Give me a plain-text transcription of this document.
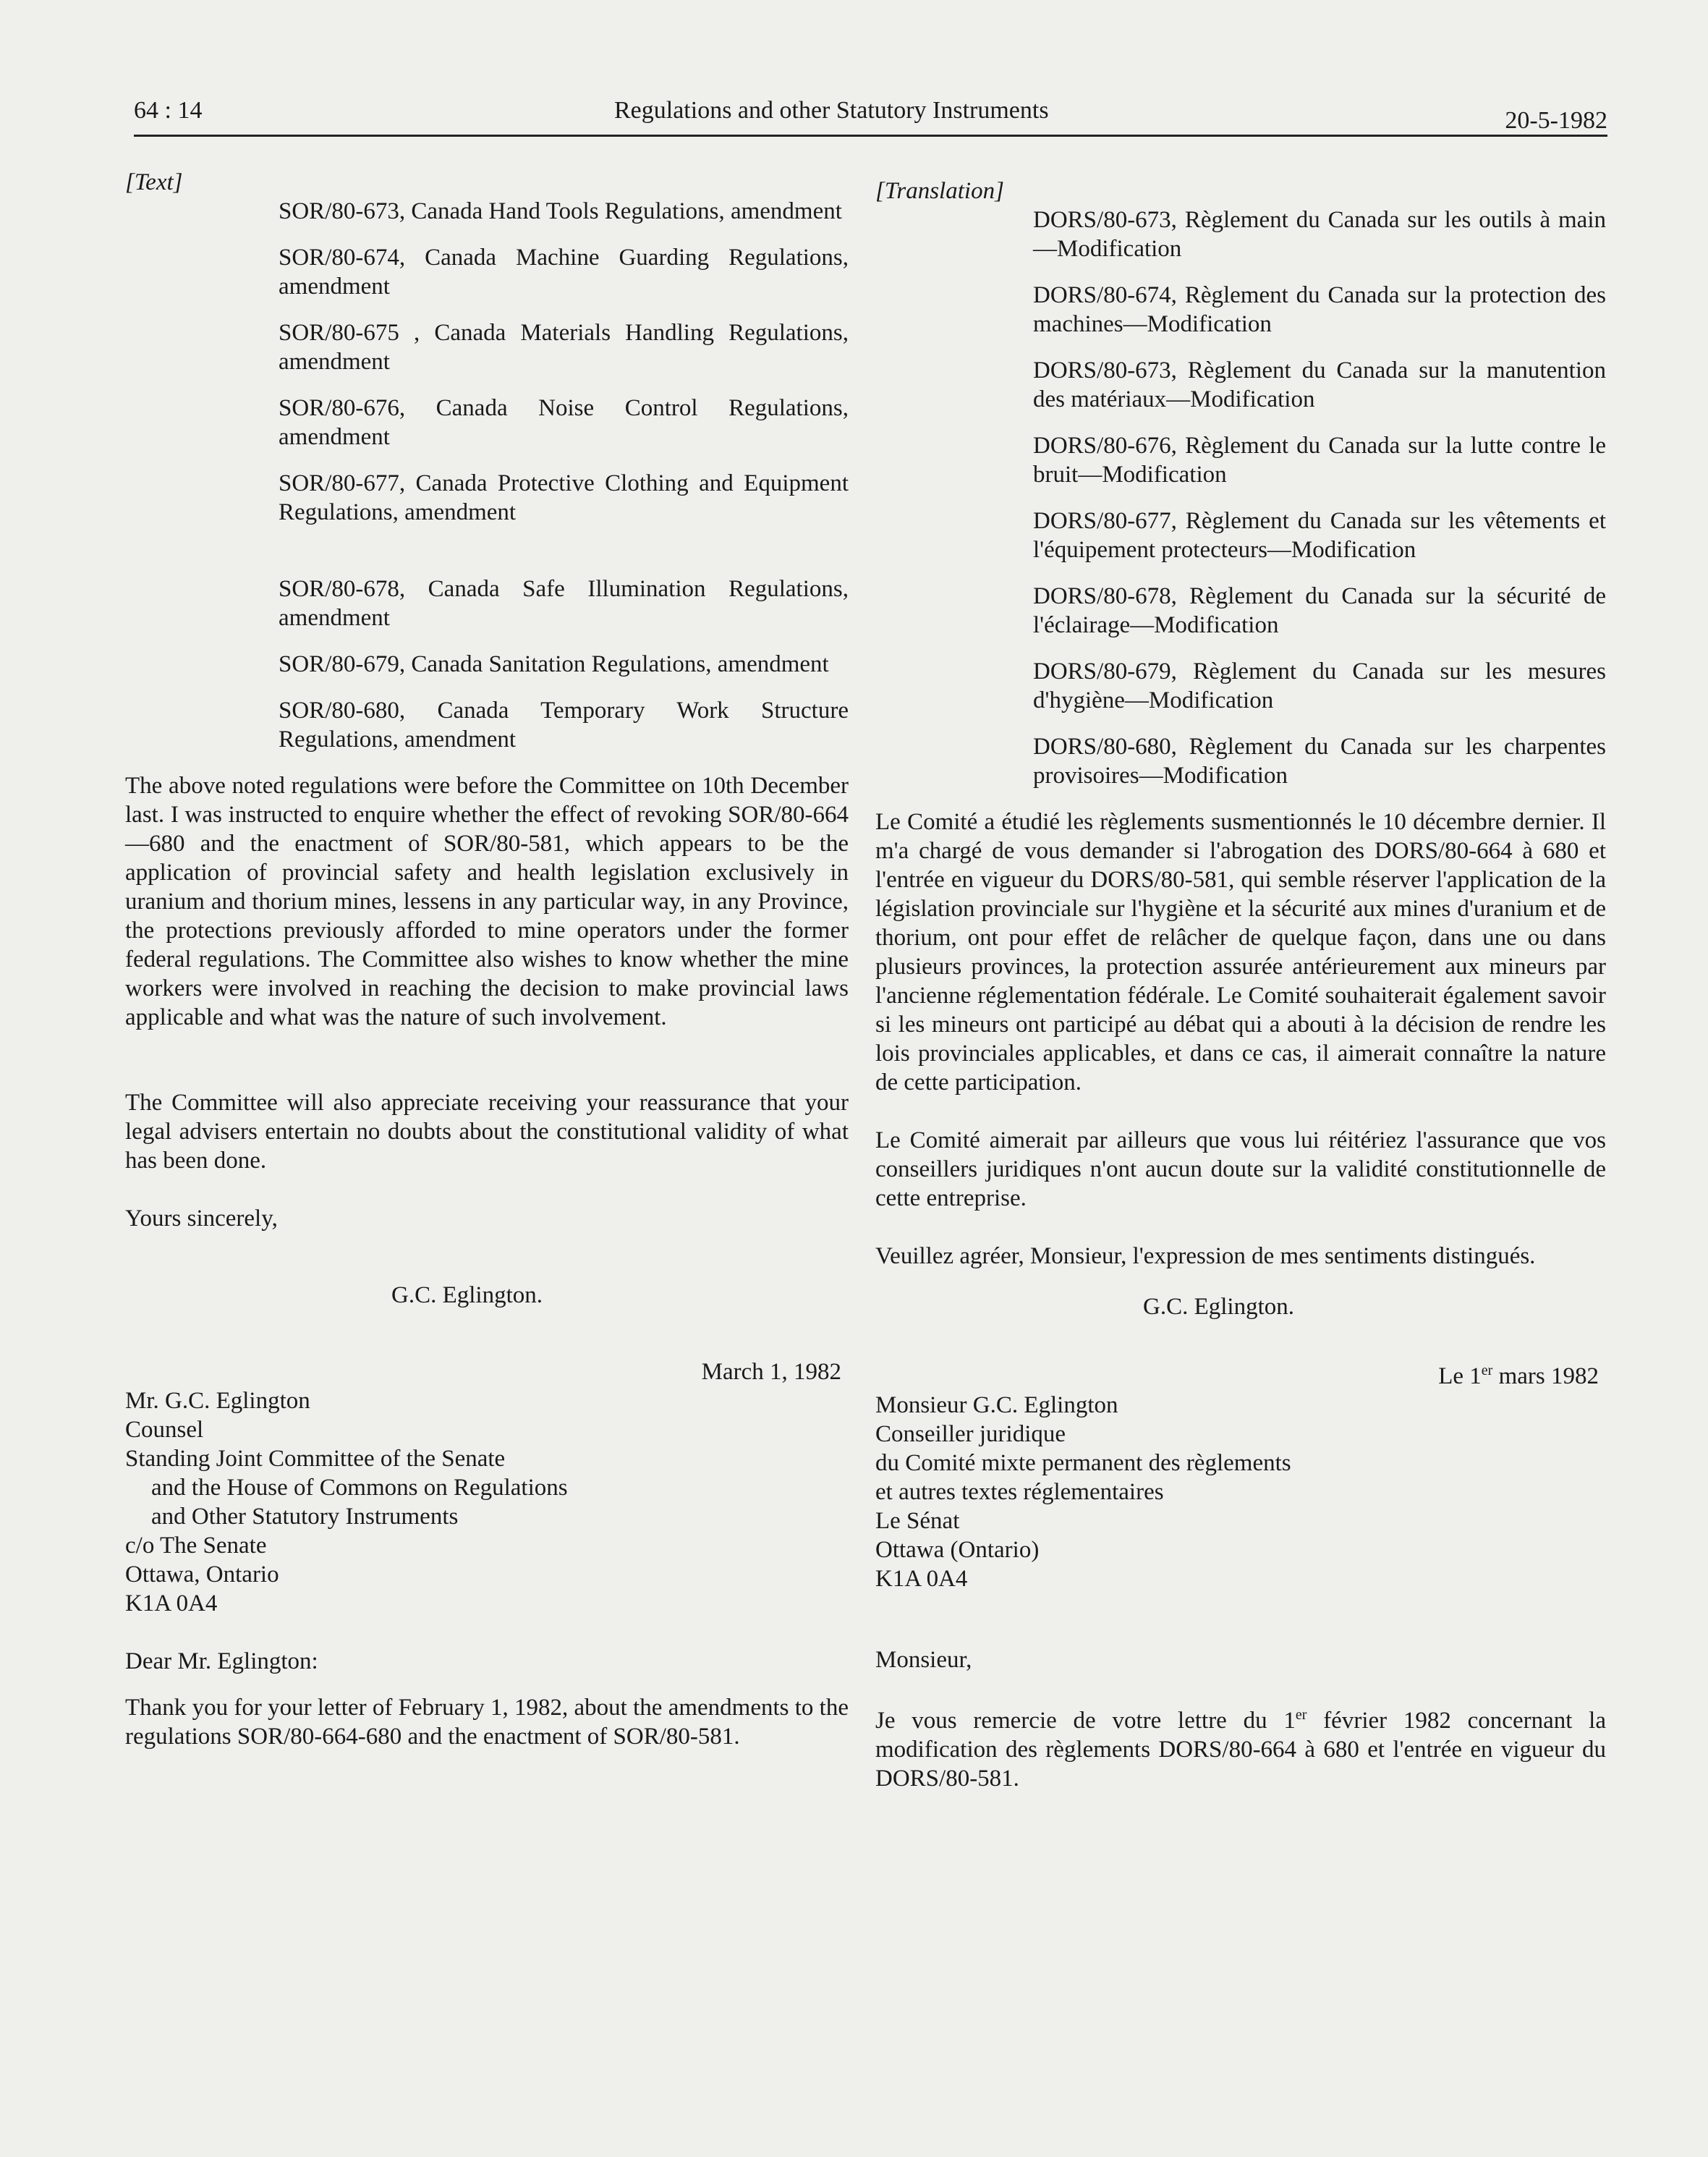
64 : 14	Regulations and other Statutory Instruments	20-5-1982
[Text]
SOR/80-673, Canada Hand Tools Regulations, amendment
SOR/80-674, Canada Machine Guarding Regulations, amendment
SOR/80-675 , Canada Materials Handling Regulations, amendment
SOR/80-676, Canada Noise Control Regulations, amendment
SOR/80-677, Canada Protective Clothing and Equipment Regulations, amendment
SOR/80-678, Canada Safe Illumination Regulations, amendment
SOR/80-679, Canada Sanitation Regulations, amendment
SOR/80-680, Canada Temporary Work Structure Regulations, amendment

The above noted regulations were before the Committee on 10th December last. I was instructed to enquire whether the effect of revoking SOR/80-664—680 and the enactment of SOR/80-581, which appears to be the application of provincial safety and health legislation exclusively in uranium and thorium mines, lessens in any particular way, in any Province, the protections previously afforded to mine operators under the former federal regulations. The Committee also wishes to know whether the mine workers were involved in reaching the decision to make provincial laws applicable and what was the nature of such involvement.

The Committee will also appreciate receiving your reassurance that your legal advisers entertain no doubts about the constitutional validity of what has been done.

Yours sincerely,
G.C. Eglington.
March 1, 1982
Mr. G.C. Eglington
Counsel
Standing Joint Committee of the Senate
and the House of Commons on Regulations
and Other Statutory Instruments
c/o The Senate
Ottawa, Ontario
K1A 0A4
Dear Mr. Eglington:

Thank you for your letter of February 1, 1982, about the amendments to the regulations SOR/80-664-680 and the enactment of SOR/80-581.

[Translation]
DORS/80-673, Règlement du Canada sur les outils à main—Modification
DORS/80-674, Règlement du Canada sur la protection des machines—Modification
DORS/80-673, Règlement du Canada sur la manutention des matériaux—Modification
DORS/80-676, Règlement du Canada sur la lutte contre le bruit—Modification
DORS/80-677, Règlement du Canada sur les vêtements et l'équipement protecteurs—Modification
DORS/80-678, Règlement du Canada sur la sécurité de l'éclairage—Modification
DORS/80-679, Règlement du Canada sur les mesures d'hygiène—Modification
DORS/80-680, Règlement du Canada sur les charpentes provisoires—Modification

Le Comité a étudié les règlements susmentionnés le 10 décembre dernier. Il m'a chargé de vous demander si l'abrogation des DORS/80-664 à 680 et l'entrée en vigueur du DORS/80-581, qui semble réserver l'application de la législation provinciale sur l'hygiène et la sécurité aux mines d'uranium et de thorium, ont pour effet de relâcher de quelque façon, dans une ou dans plusieurs provinces, la protection assurée antérieurement aux mineurs par l'ancienne réglementation fédérale. Le Comité souhaiterait également savoir si les mineurs ont participé au débat qui a abouti à la décision de rendre les lois provinciales applicables, et dans ce cas, il aimerait connaître la nature de cette participation.

Le Comité aimerait par ailleurs que vous lui réitériez l'assurance que vos conseillers juridiques n'ont aucun doute sur la validité constitutionnelle de cette entreprise.

Veuillez agréer, Monsieur, l'expression de mes sentiments distingués.

G.C. Eglington.
Le 1er mars 1982
Monsieur G.C. Eglington
Conseiller juridique
du Comité mixte permanent des règlements
et autres textes réglementaires
Le Sénat
Ottawa (Ontario)
K1A 0A4
Monsieur,

Je vous remercie de votre lettre du 1er février 1982 concernant la modification des règlements DORS/80-664 à 680 et l'entrée en vigueur du DORS/80-581.
